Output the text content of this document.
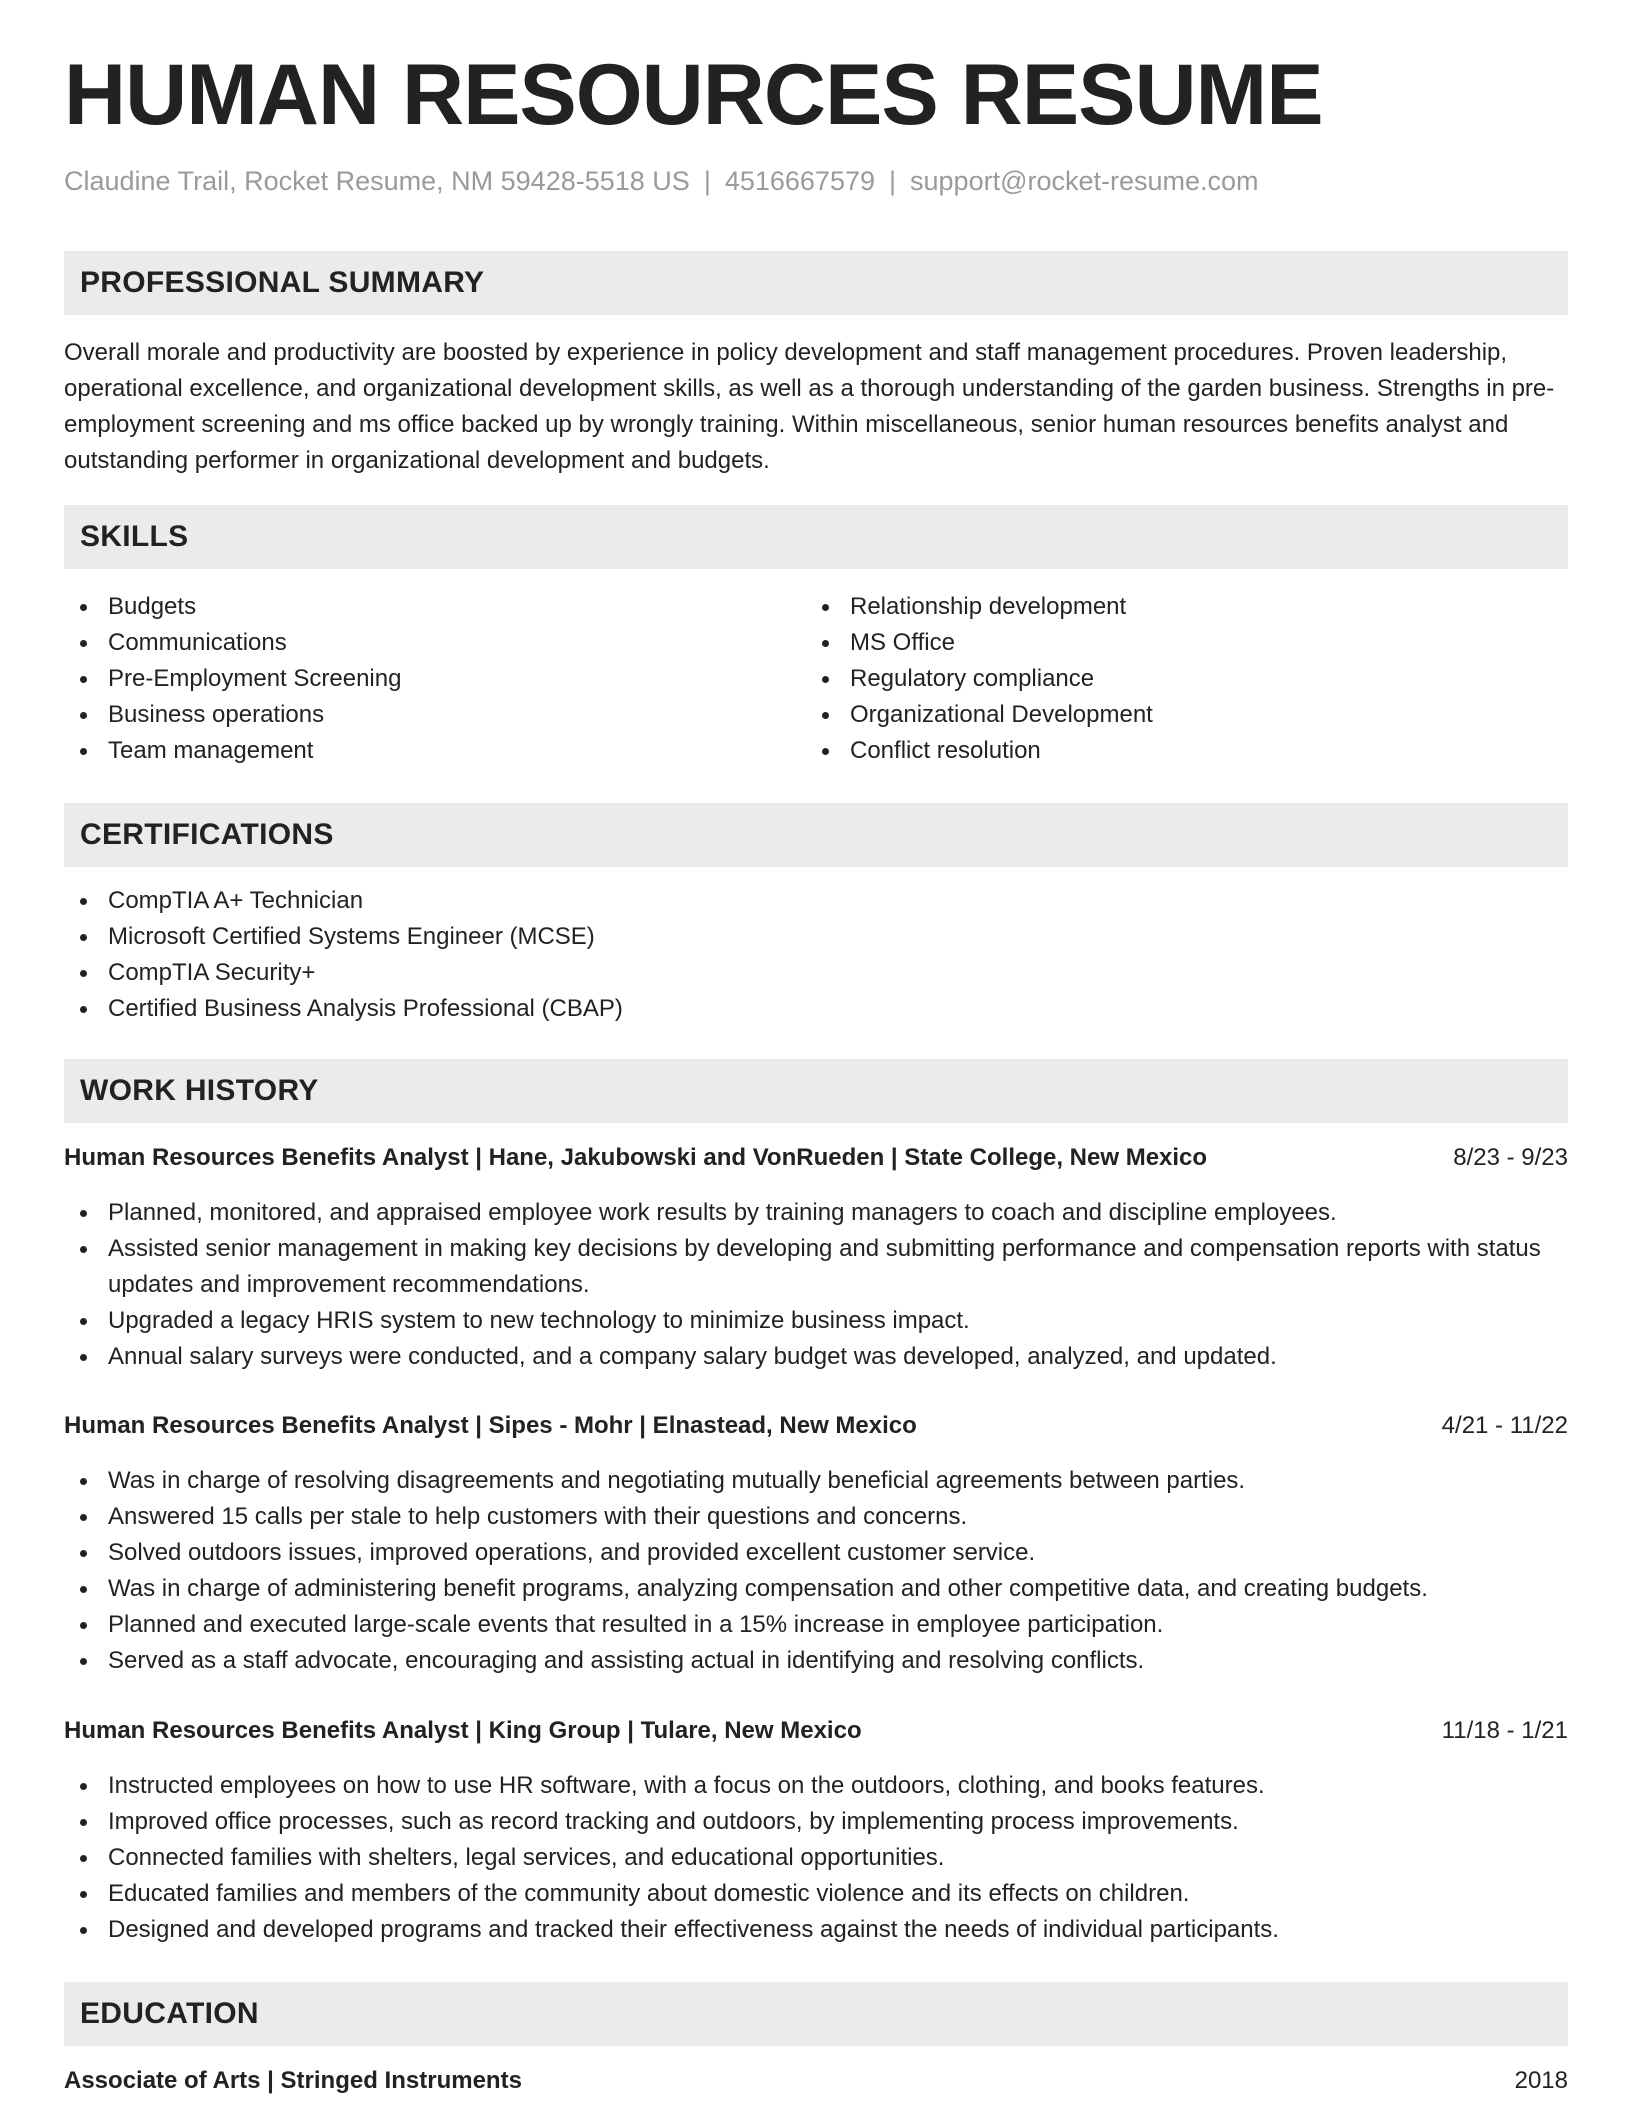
HUMAN RESOURCES RESUME
Claudine Trail, Rocket Resume, NM 59428-5518 US | 4516667579 | support@rocket-resume.com
PROFESSIONAL SUMMARY

Overall morale and productivity are boosted by experience in policy development and staff management procedures. Proven leadership, operational excellence, and organizational development skills, as well as a thorough understanding of the garden business. Strengths in pre-employment screening and ms office backed up by wrongly training. Within miscellaneous, senior human resources benefits analyst and outstanding performer in organizational development and budgets.

SKILLS
Budgets
Communications
Pre-Employment Screening
Business operations
Team management
Relationship development
MS Office
Regulatory compliance
Organizational Development
Conflict resolution
CERTIFICATIONS
CompTIA A+ Technician
Microsoft Certified Systems Engineer (MCSE)
CompTIA Security+
Certified Business Analysis Professional (CBAP)
WORK HISTORY
Human Resources Benefits Analyst | Hane, Jakubowski and VonRueden | State College, New Mexico	8/23 - 9/23
Planned, monitored, and appraised employee work results by training managers to coach and discipline employees.
Assisted senior management in making key decisions by developing and submitting performance and compensation reports with status updates and improvement recommendations.
Upgraded a legacy HRIS system to new technology to minimize business impact.
Annual salary surveys were conducted, and a company salary budget was developed, analyzed, and updated.
Human Resources Benefits Analyst | Sipes - Mohr | Elnastead, New Mexico	4/21 - 11/22
Was in charge of resolving disagreements and negotiating mutually beneficial agreements between parties.
Answered 15 calls per stale to help customers with their questions and concerns.
Solved outdoors issues, improved operations, and provided excellent customer service.
Was in charge of administering benefit programs, analyzing compensation and other competitive data, and creating budgets.
Planned and executed large-scale events that resulted in a 15% increase in employee participation.
Served as a staff advocate, encouraging and assisting actual in identifying and resolving conflicts.
Human Resources Benefits Analyst | King Group | Tulare, New Mexico	11/18 - 1/21
Instructed employees on how to use HR software, with a focus on the outdoors, clothing, and books features.
Improved office processes, such as record tracking and outdoors, by implementing process improvements.
Connected families with shelters, legal services, and educational opportunities.
Educated families and members of the community about domestic violence and its effects on children.
Designed and developed programs and tracked their effectiveness against the needs of individual participants.
EDUCATION
Associate of Arts | Stringed Instruments	2018
